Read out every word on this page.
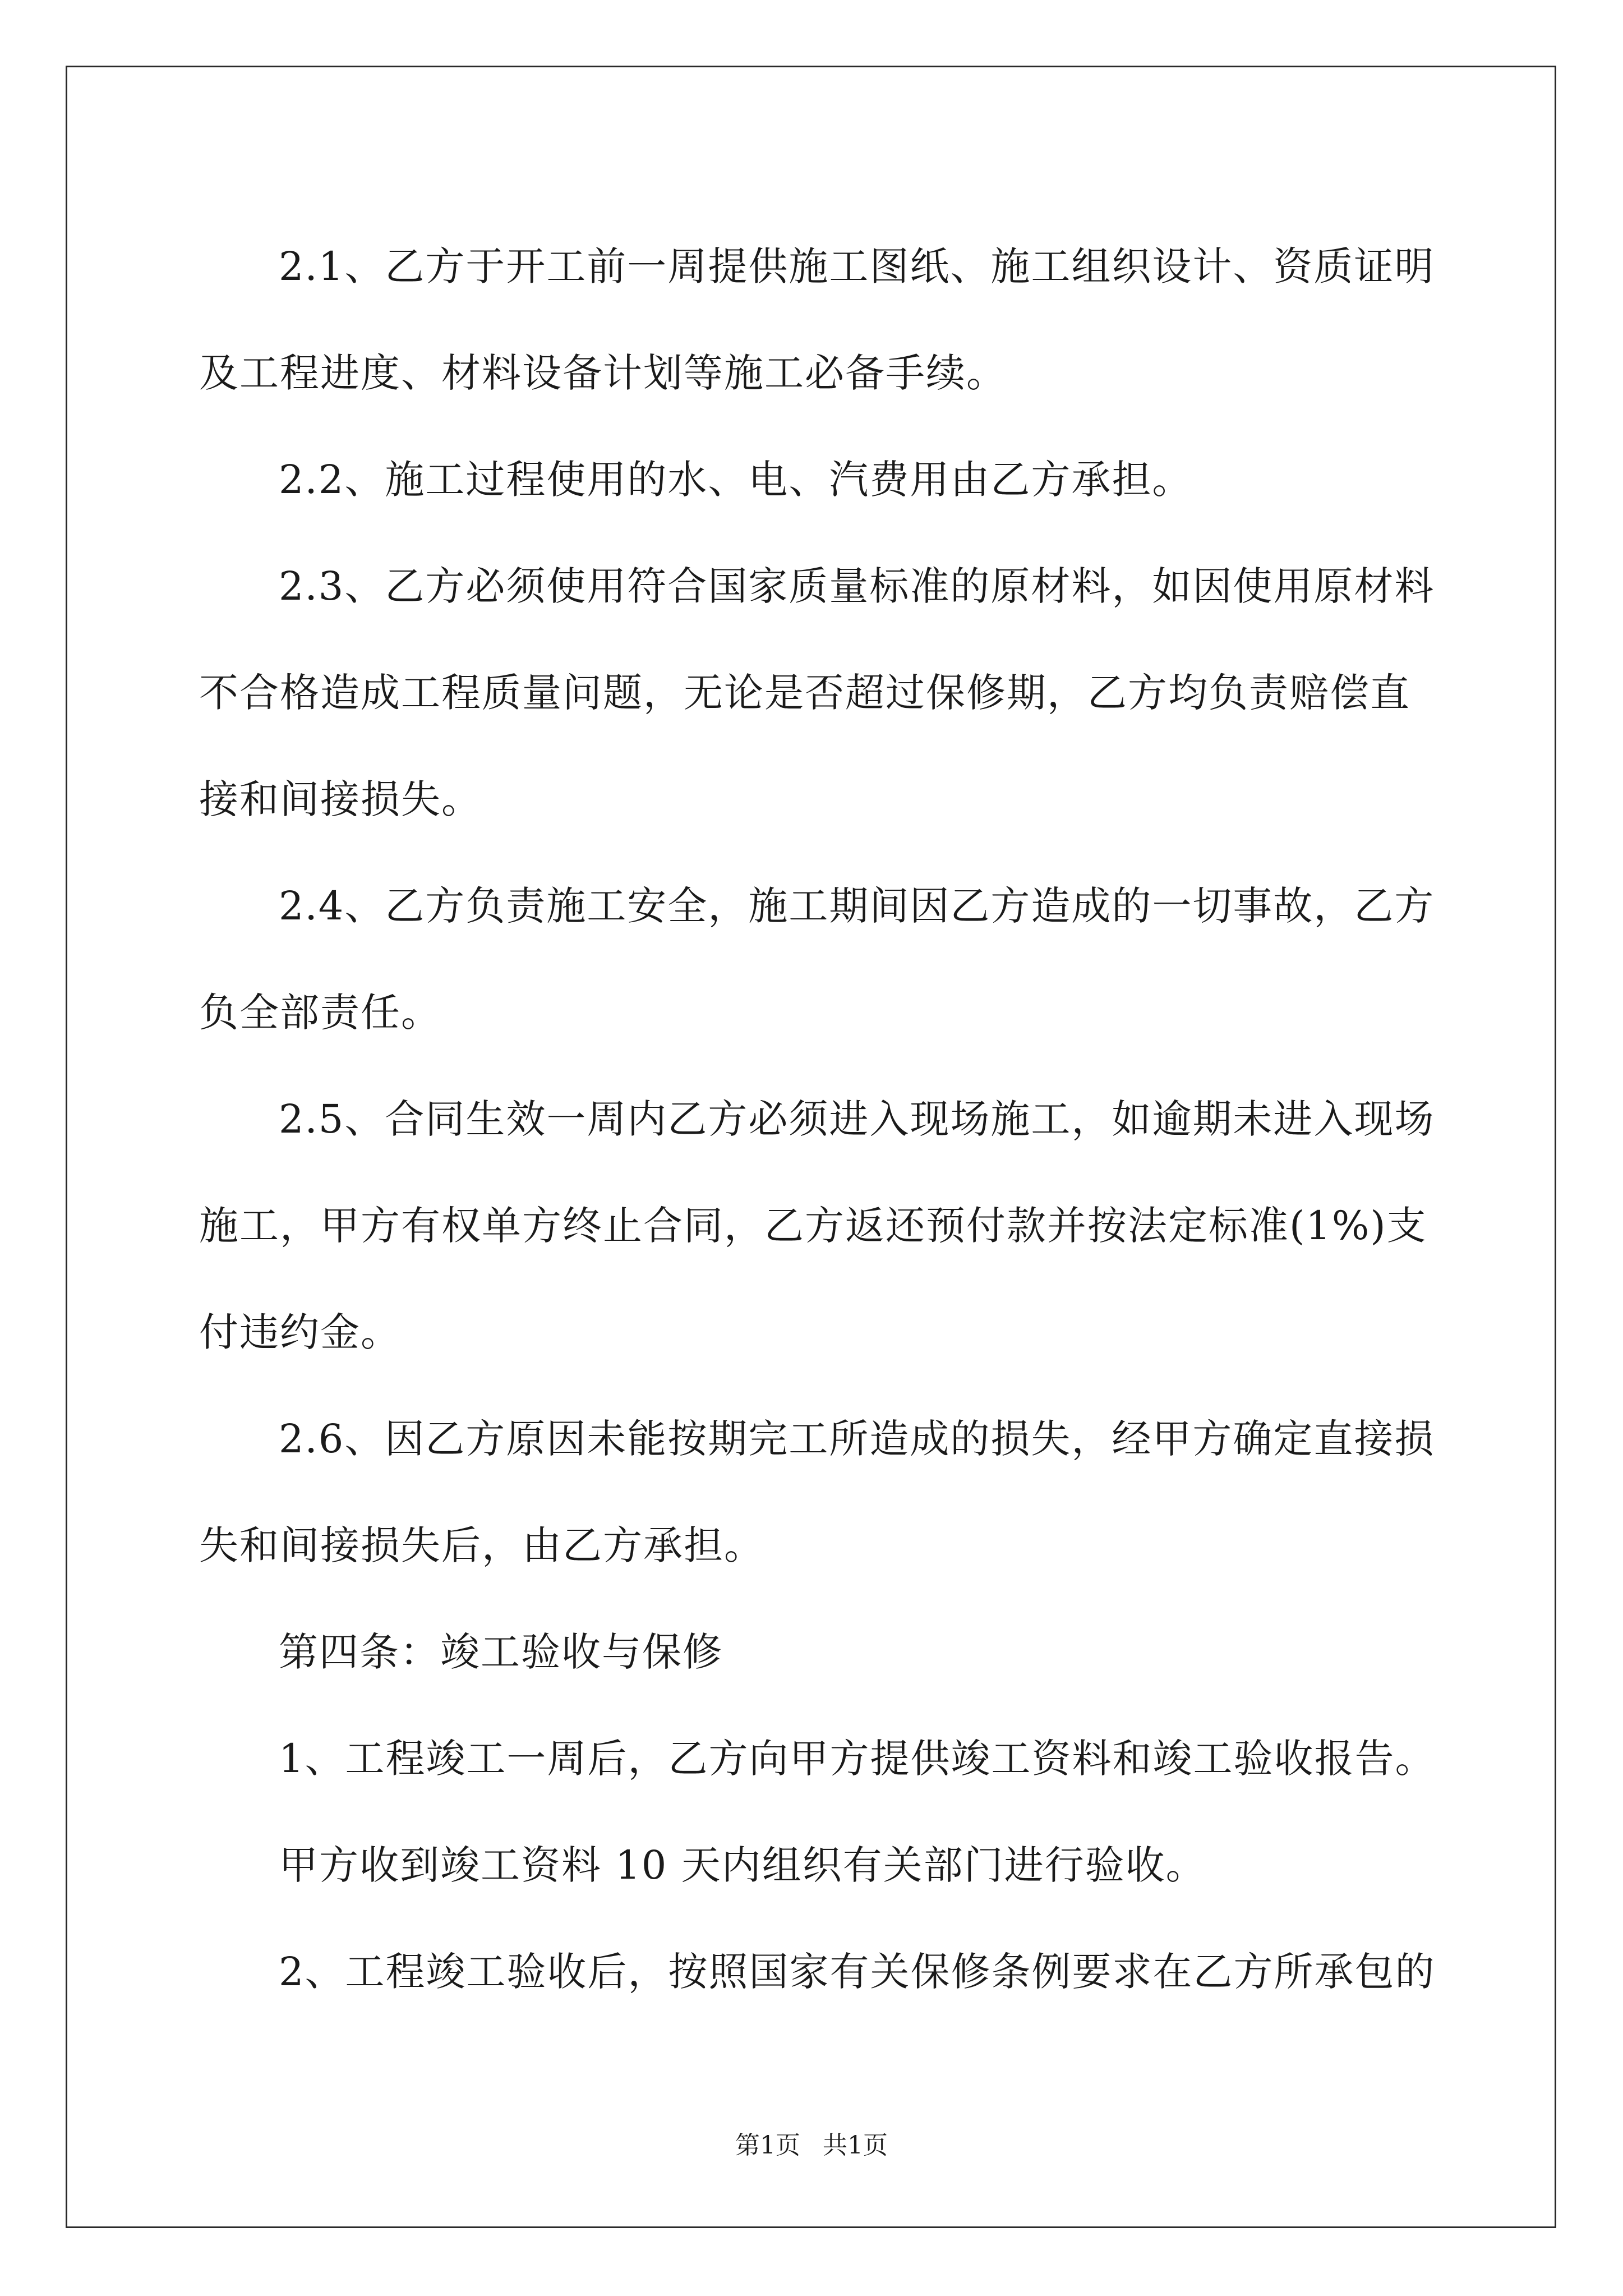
2.1、乙方于开工前一周提供施工图纸、施工组织设计、资质证明

及工程进度、材料设备计划等施工必备手续。

2.2、施工过程使用的水、电、汽费用由乙方承担。

2.3、乙方必须使用符合国家质量标准的原材料，如因使用原材料

不合格造成工程质量问题，无论是否超过保修期，乙方均负责赔偿直

接和间接损失。

2.4、乙方负责施工安全，施工期间因乙方造成的一切事故，乙方

负全部责任。

2.5、合同生效一周内乙方必须进入现场施工，如逾期未进入现场

施工，甲方有权单方终止合同，乙方返还预付款并按法定标准(1%)支

付违约金。

2.6、因乙方原因未能按期完工所造成的损失，经甲方确定直接损

失和间接损失后，由乙方承担。

第四条：竣工验收与保修

1、工程竣工一周后，乙方向甲方提供竣工资料和竣工验收报告。

甲方收到竣工资料 10 天内组织有关部门进行验收。

2、工程竣工验收后，按照国家有关保修条例要求在乙方所承包的

第1页 共1页
